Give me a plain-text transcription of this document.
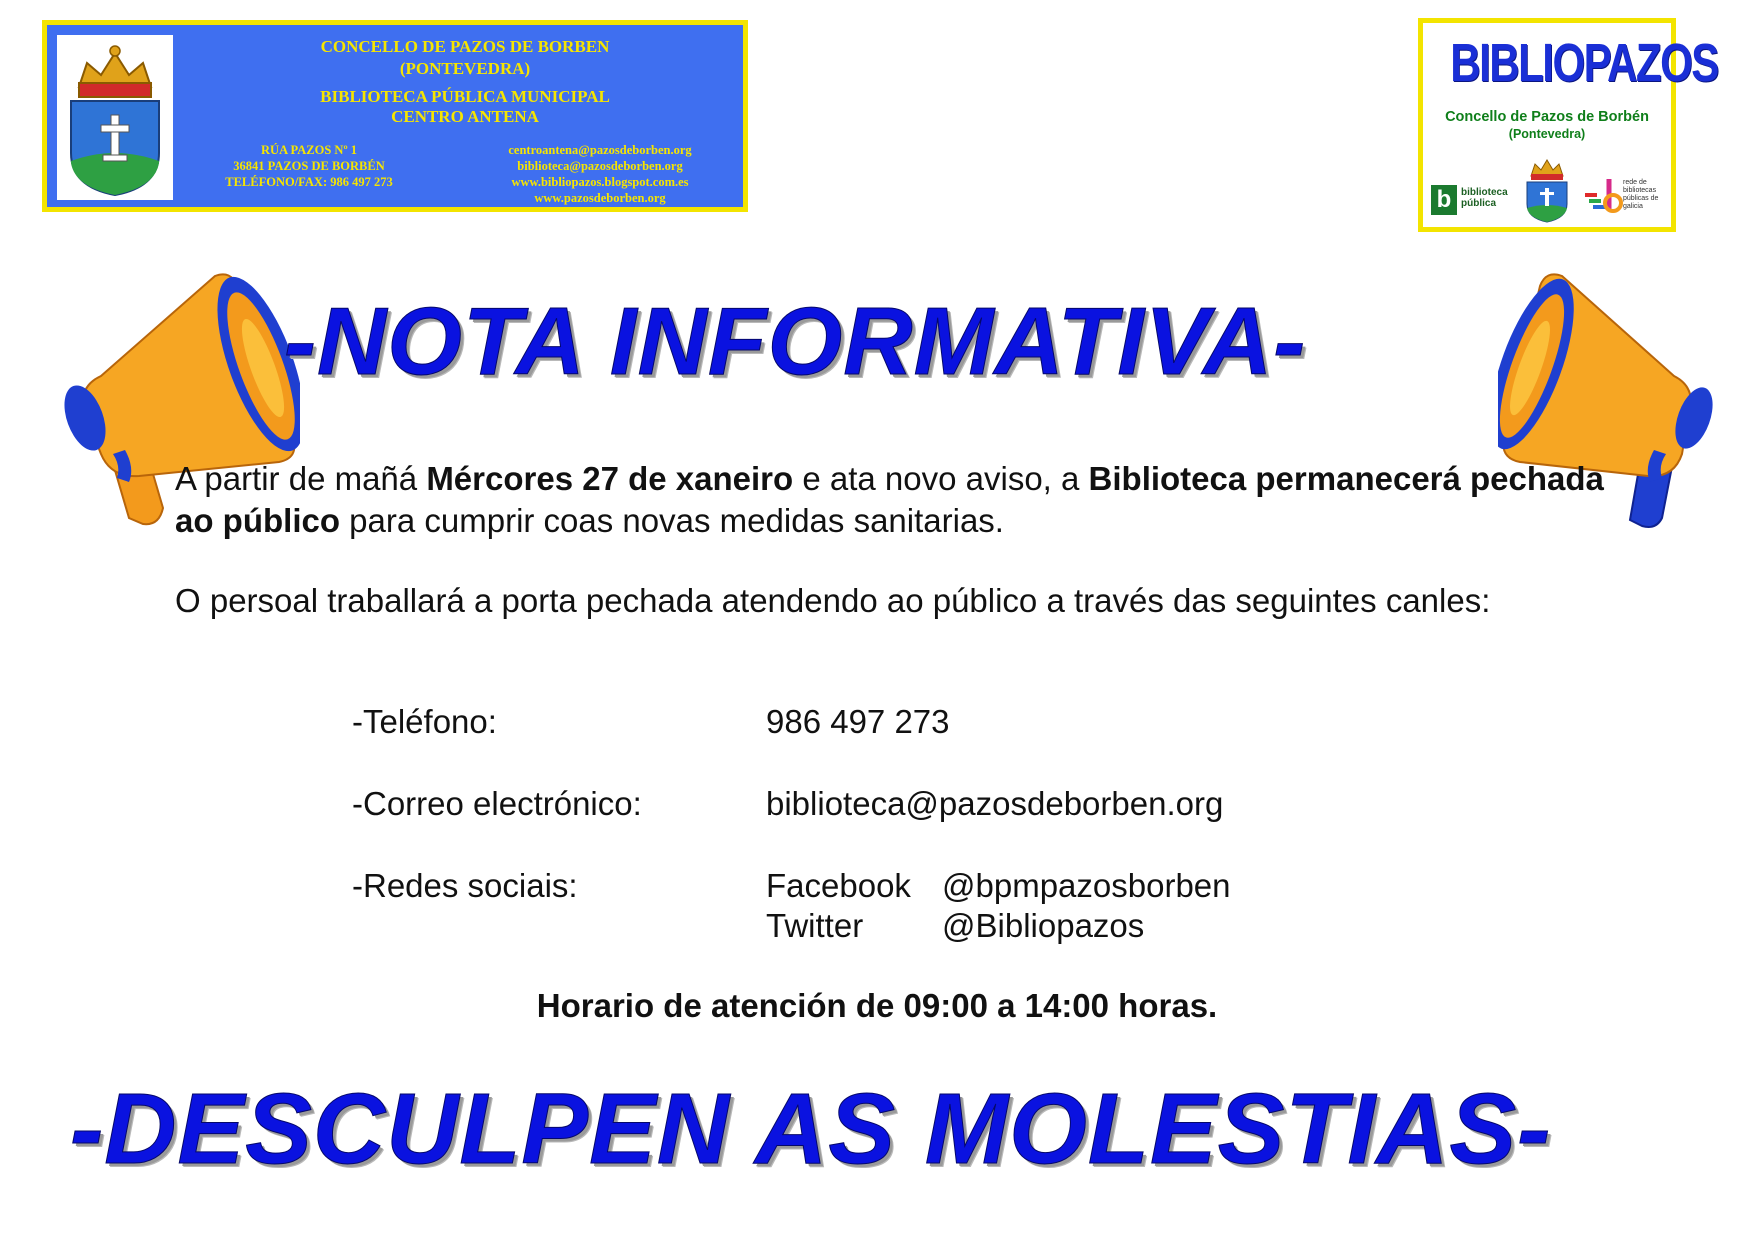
CONCELLO DE PAZOS DE BORBEN
(PONTEVEDRA)
BIBLIOTECA PÚBLICA MUNICIPAL
CENTRO ANTENA
RÚA PAZOS Nº 1
36841 PAZOS DE BORBÉN
TELÉFONO/FAX: 986 497 273
centroantena@pazosdeborben.org
biblioteca@pazosdeborben.org
www.bibliopazos.blogspot.com.es
www.pazosdeborben.org
BIBLIOPAZOS
Concello de Pazos de Borbén
(Pontevedra)
b biblioteca pública
rede de bibliotecas públicas de galicia
-NOTA INFORMATIVA-
A partir de mañá Mércores 27 de xaneiro e ata novo aviso, a Biblioteca permanecerá pechada ao público para cumprir coas novas medidas sanitarias.
O persoal traballará a porta pechada atendendo ao público a través das seguintes canles:
-Teléfono:	986 497 273
-Correo electrónico:	biblioteca@pazosdeborben.org
-Redes sociais:	Facebook @bpmpazosborben
Twitter @Bibliopazos
Horario de atención de 09:00 a 14:00 horas.
-DESCULPEN AS MOLESTIAS-
